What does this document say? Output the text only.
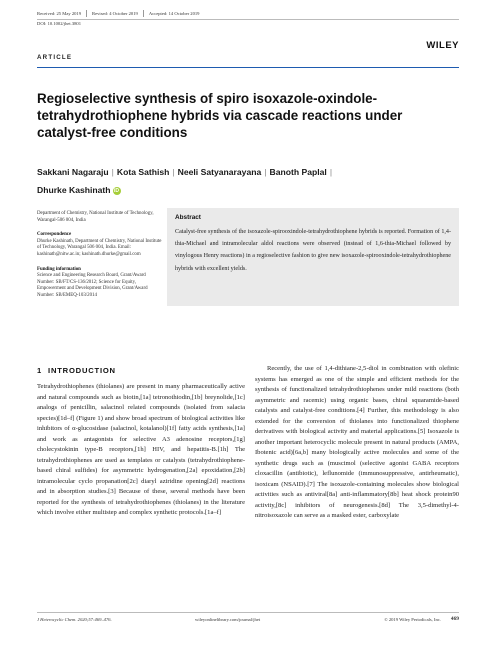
Received: 25 May 2019	Revised: 4 October 2019	Accepted: 14 October 2019
DOI: 10.1002/jhet.3801
WILEY
ARTICLE
Regioselective synthesis of spiro isoxazole-oxindole-tetrahydrothiophene hybrids via cascade reactions under catalyst-free conditions
Sakkani Nagaraju | Kota Sathish | Neeli Satyanarayana | Banoth Paplal |
Dhurke Kashinath iD
Department of Chemistry, National Institute of Technology, Warangal-506 004, India
Correspondence
Dhurke Kashinath, Department of Chemistry, National Institute of Technology, Warangal 506 004, India. Email: kashinath@nitw.ac.in; kashinath.dhurke@gmail.com
Funding information
Science and Engineering Research Board, Grant/Award Number: SB/FT/CS-136/2012; Science for Equity, Empowerment and Development Division, Grant/Award Number: SB/EMEQ-103/2014
Abstract
Catalyst-free synthesis of the isoxazole-spirooxindole-tetrahydrothiophene hybrids is reported. Formation of 1,4-thia-Michael and intramolecular aldol reactions were observed (instead of 1,6-thia-Michael followed by vinylogous Henry reactions) in a regioselective fashion to give new isoxazole-spirooxindole-tetrahydrothiophene hybrids with excellent yields.
1 INTRODUCTION

Tetrahydrothiophenes (thiolanes) are present in many pharmaceutically active and natural compounds such as biotin,[1a] tetronothiodin,[1b] breynolide,[1c] analogs of penicillin, salacinol related compounds (isolated from salacia species)[1d–f] (Figure 1) and show broad spectrum of biological activities like inhibitors of α-glucosidase (salacinol, kotalanol)[1f] fatty acids synthesis,[1a] and work as antagonists for selective A3 adenosine receptors,[1g] cholecystokinin type-B receptors,[1h] HIV, and hepatitis-B.[1h] The tetrahydrothiophenes are used as templates or catalysts (tetrahydrothiophene-based chiral sulfides) for asymmetric hydrogenation,[2a] epoxidation,[2b] intramolecular cyclo propanation[2c] diaryl aziridine opening[2d] reactions and in absorption studies.[3] Because of these, several methods have been reported for the synthesis of tetrahydrothiophenes (thiolanes) in the literature which involve either multistep and complex synthetic protocols.[1a–f]

Recently, the use of 1,4-dithiane-2,5-diol in combination with olefinic systems has emerged as one of the simple and efficient methods for the synthesis of functionalized tetrahydrothiophenes under mild reactions (both asymmetric and racemic) using organic bases, chiral squaramide-based catalysts and catalyst-free conditions.[4] Further, this methodology is also extended for the conversion of thiolanes into functionalized thiophene derivatives with biological activity and material applications.[5] Isoxazole is another important heterocyclic molecule present in natural products (AMPA, Ibotenic acid)[6a,b] many biologically active molecules and some of the synthetic drugs such as (muscimol (selective agonist GABA receptors cloxacillin (antibiotic), leflunomide (immunosuppressive, antirheumatic), isoxicam (NSAID).[7] The isoxazole-containing molecules show biological activities such as antiviral[8a] anti-inflammatory[8b] heat shock protein90 activity,[8c] inhibitors of neurogenesis.[8d] The 3,5-dimethyl-4-nitroisoxazole can serve as a masked ester, carboxylate

J Heterocyclic Chem. 2020;57:469–476.	wileyonlinelibrary.com/journal/jhet	© 2019 Wiley Periodicals, Inc. 469
